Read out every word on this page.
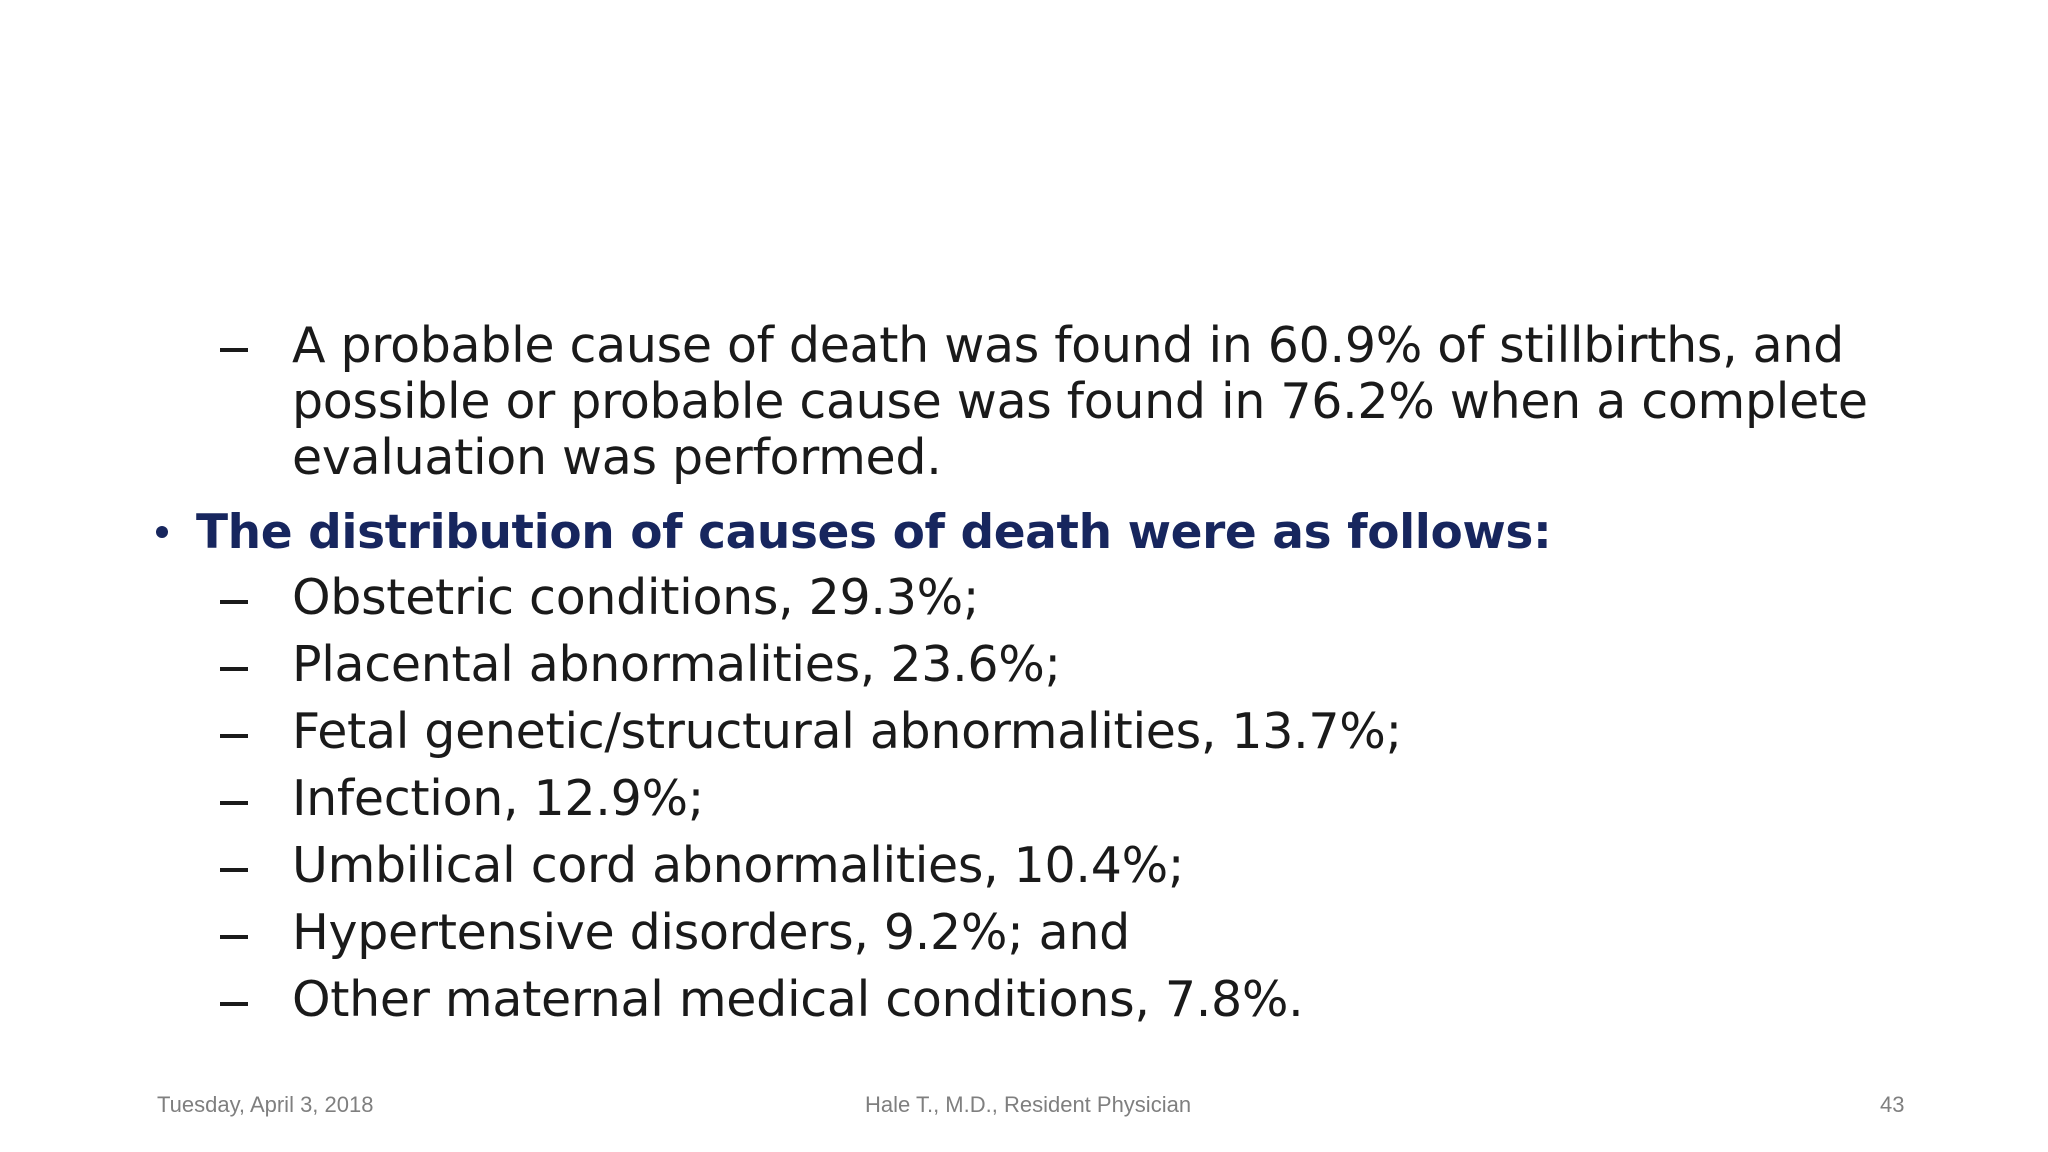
A probable cause of death was found in 60.9% of stillbirths, and possible or probable cause was found in 76.2% when a complete evaluation was performed.
The distribution of causes of death were as follows:
Obstetric conditions, 29.3%;
Placental abnormalities, 23.6%;
Fetal genetic/structural abnormalities, 13.7%;
Infection, 12.9%;
Umbilical cord abnormalities, 10.4%;
Hypertensive disorders, 9.2%; and
Other maternal medical conditions, 7.8%.
Tuesday, April 3, 2018	Hale T., M.D., Resident Physician	43
